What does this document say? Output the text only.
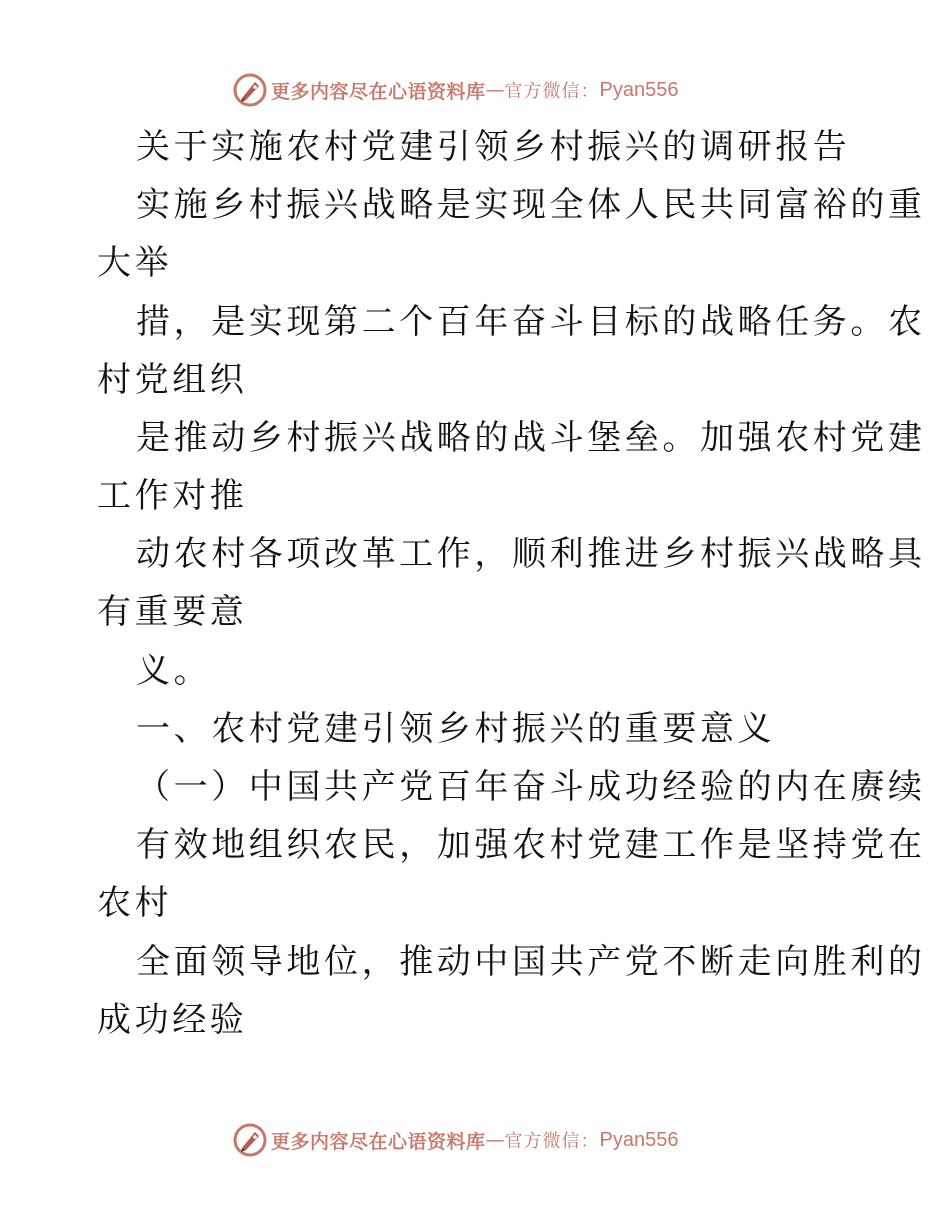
更多内容尽在心语资料库 — 官方微信： Pyan556
关于实施农村党建引领乡村振兴的调研报告
实施乡村振兴战略是实现全体人民共同富裕的重
大举
措，是实现第二个百年奋斗目标的战略任务。农
村党组织
是推动乡村振兴战略的战斗堡垒。加强农村党建
工作对推
动农村各项改革工作，顺利推进乡村振兴战略具
有重要意
义。
一、农村党建引领乡村振兴的重要意义
（一）中国共产党百年奋斗成功经验的内在赓续
有效地组织农民，加强农村党建工作是坚持党在
农村
全面领导地位，推动中国共产党不断走向胜利的
成功经验
更多内容尽在心语资料库 — 官方微信： Pyan556
